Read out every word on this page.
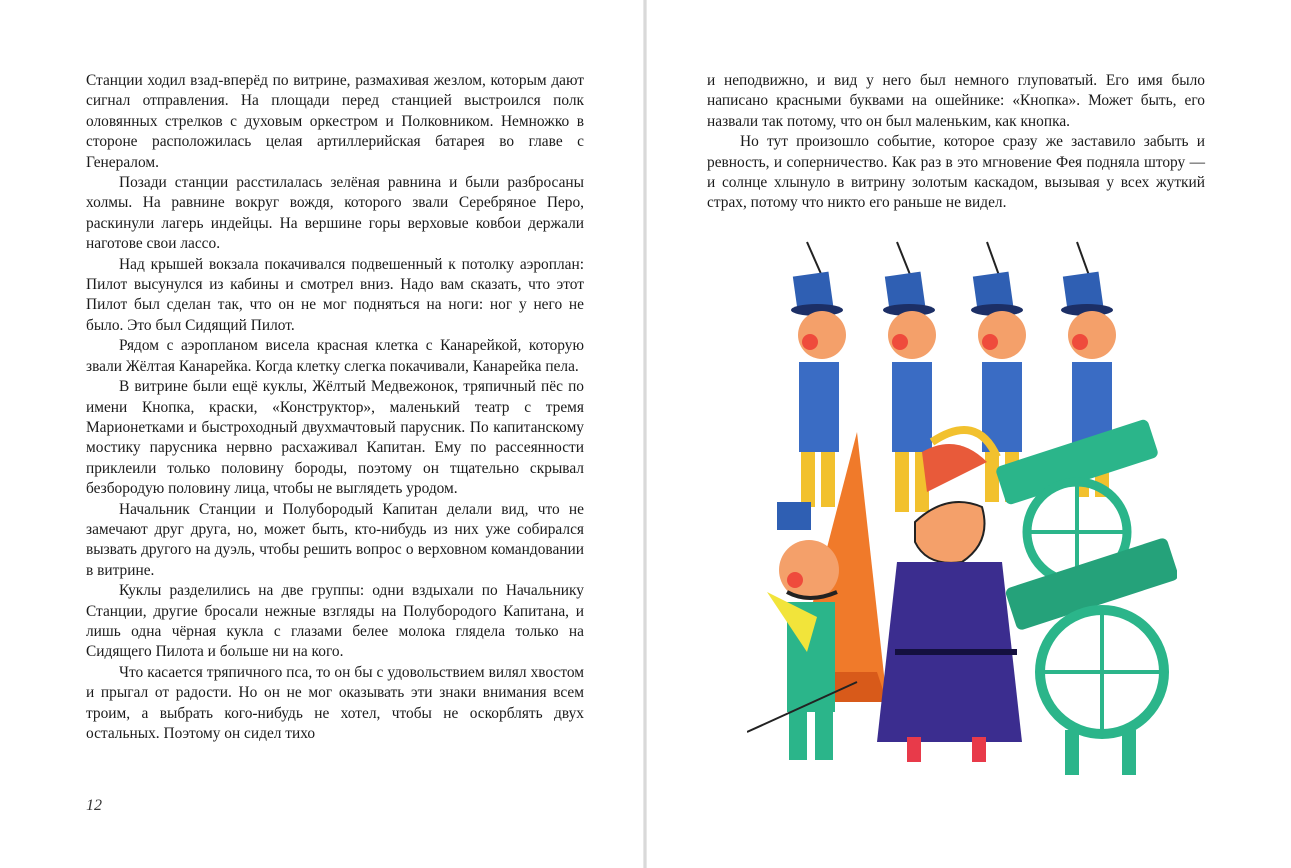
Станции ходил взад-вперёд по витрине, размахивая жезлом, которым дают сигнал отправления. На площади перед станцией выстроился полк оловянных стрелков с духовым оркестром и Полковником. Немножко в стороне расположилась целая артиллерийская батарея во главе с Генералом.

Позади станции расстилалась зелёная равнина и были разбросаны холмы. На равнине вокруг вождя, которого звали Серебряное Перо, раскинули лагерь индейцы. На вершине горы верховые ковбои держали наготове свои лассо.

Над крышей вокзала покачивался подвешенный к потолку аэроплан: Пилот высунулся из кабины и смотрел вниз. Надо вам сказать, что этот Пилот был сделан так, что он не мог подняться на ноги: ног у него не было. Это был Сидящий Пилот.

Рядом с аэропланом висела красная клетка с Канарейкой, которую звали Жёлтая Канарейка. Когда клетку слегка покачивали, Канарейка пела.

В витрине были ещё куклы, Жёлтый Медвежонок, тряпичный пёс по имени Кнопка, краски, «Конструктор», маленький театр с тремя Марионетками и быстроходный двухмачтовый парусник. По капитанскому мостику парусника нервно расхаживал Капитан. Ему по рассеянности приклеили только половину бороды, поэтому он тщательно скрывал безбородую половину лица, чтобы не выглядеть уродом.

Начальник Станции и Полубородый Капитан делали вид, что не замечают друг друга, но, может быть, кто-нибудь из них уже собирался вызвать другого на дуэль, чтобы решить вопрос о верховном командовании в витрине.

Куклы разделились на две группы: одни вздыхали по Начальнику Станции, другие бросали нежные взгляды на Полубородого Капитана, и лишь одна чёрная кукла с глазами белее молока глядела только на Сидящего Пилота и больше ни на кого.

Что касается тряпичного пса, то он бы с удовольствием вилял хвостом и прыгал от радости. Но он не мог оказывать эти знаки внимания всем троим, а выбрать кого-нибудь не хотел, чтобы не оскорблять двух остальных. Поэтому он сидел тихо

12

и неподвижно, и вид у него был немного глуповатый. Его имя было написано красными буквами на ошейнике: «Кнопка». Может быть, его назвали так потому, что он был маленьким, как кнопка.

Но тут произошло событие, которое сразу же заставило забыть и ревность, и соперничество. Как раз в это мгновение Фея подняла штору — и солнце хлынуло в витрину золотым каскадом, вызывая у всех жуткий страх, потому что никто его раньше не видел.
